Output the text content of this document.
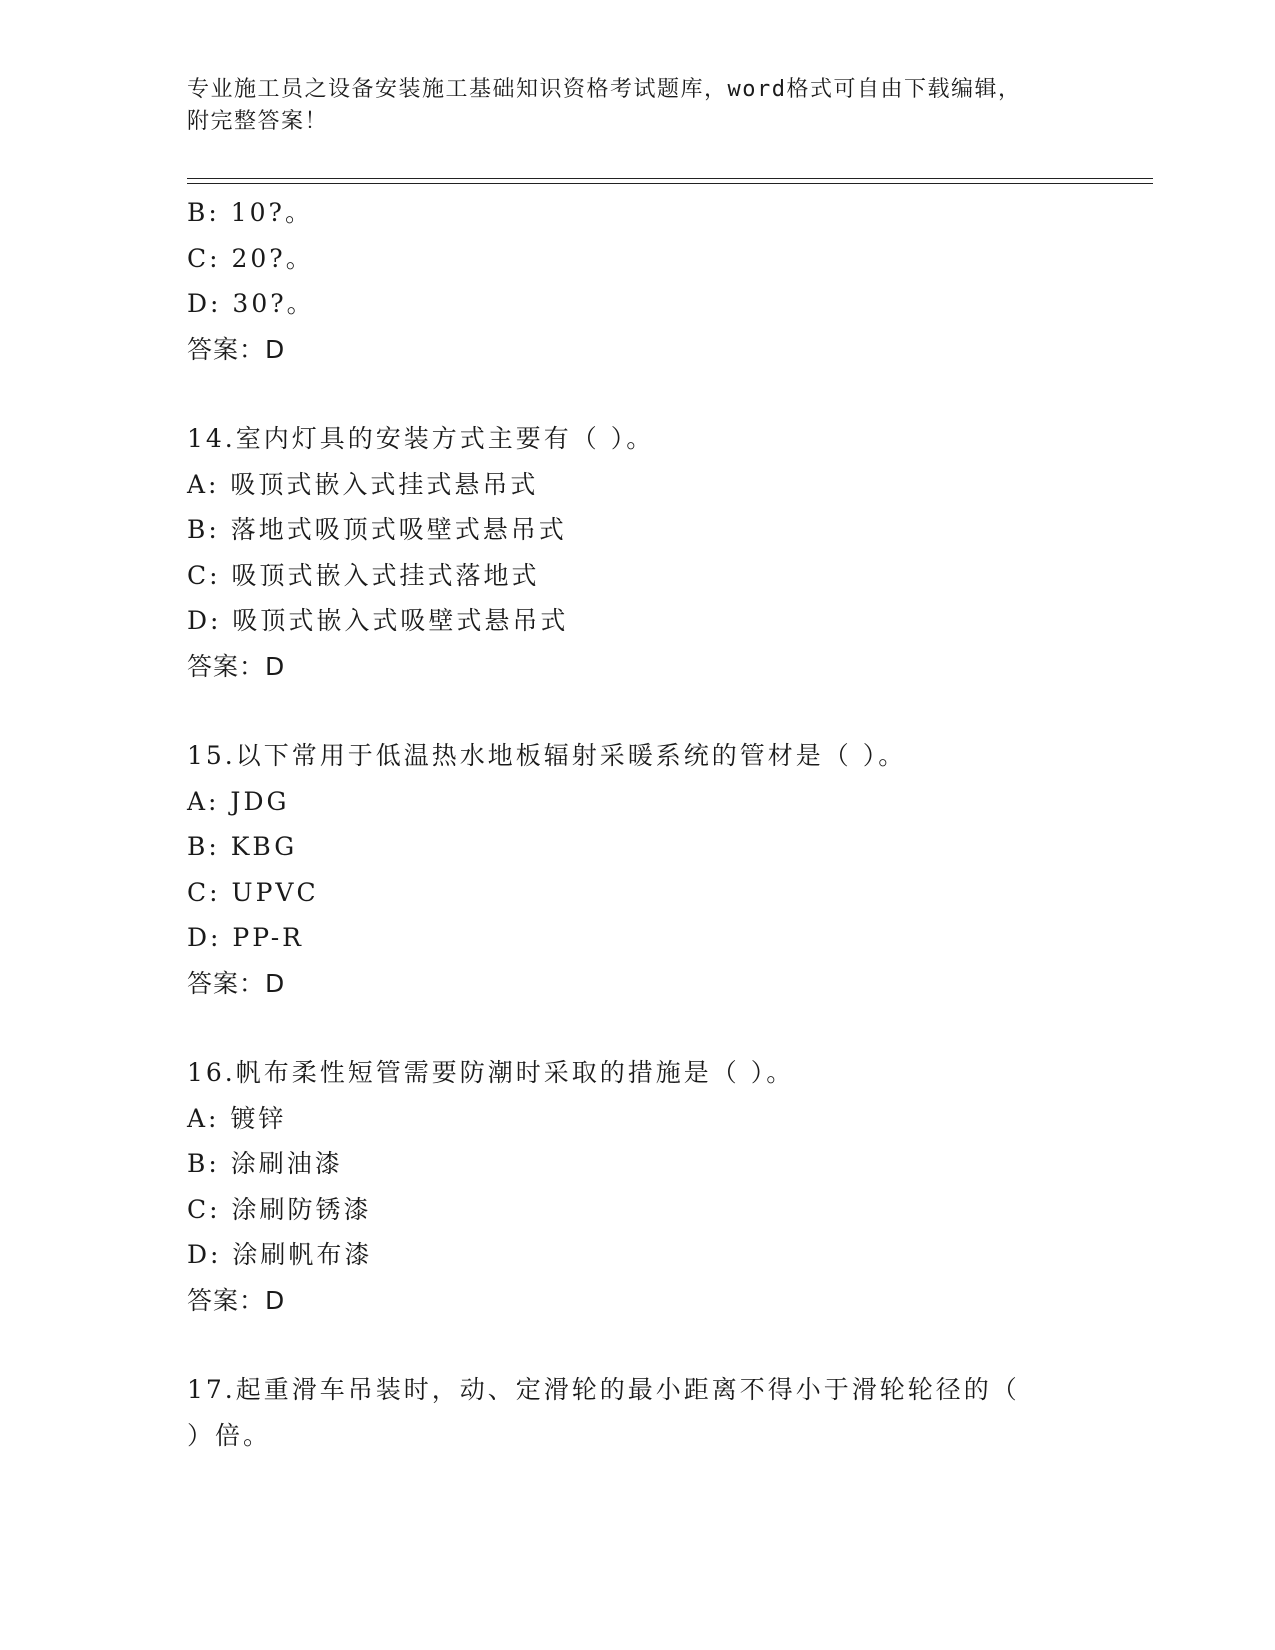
专业施工员之设备安装施工基础知识资格考试题库，word格式可自由下载编辑，
附完整答案！
B: 10?。
C: 20?。
D: 30?。
答案：D
14.室内灯具的安装方式主要有（ ）。
A: 吸顶式嵌入式挂式悬吊式
B: 落地式吸顶式吸壁式悬吊式
C: 吸顶式嵌入式挂式落地式
D: 吸顶式嵌入式吸壁式悬吊式
答案：D
15.以下常用于低温热水地板辐射采暖系统的管材是（ ）。
A: JDG
B: KBG
C: UPVC
D: PP-R
答案：D
16.帆布柔性短管需要防潮时采取的措施是（ ）。
A: 镀锌
B: 涂刷油漆
C: 涂刷防锈漆
D: 涂刷帆布漆
答案：D
17.起重滑车吊装时，动、定滑轮的最小距离不得小于滑轮轮径的（
）倍。
